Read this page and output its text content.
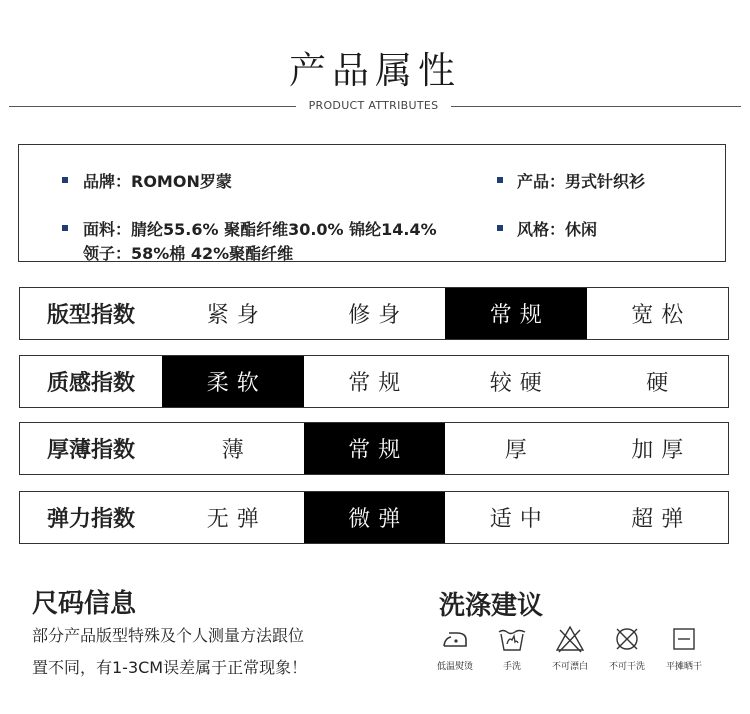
产品属性
PRODUCT ATTRIBUTES
品牌：ROMON罗蒙	产品：男式针织衫
面料：腈纶55.6% 聚酯纤维30.0% 锦纶14.4%
领子：58%棉 42%聚酯纤维
风格：休闲
版型指数	紧身	修身	常规	宽松
质感指数	柔软	常规	较硬	硬
厚薄指数	薄	常规	厚	加厚
弹力指数	无弹	微弹	适中	超弹
尺码信息
部分产品版型特殊及个人测量方法跟位
置不同，有1-3CM误差属于正常现象！
洗涤建议
低温熨烫	手洗	不可漂白	不可干洗	平摊晒干
